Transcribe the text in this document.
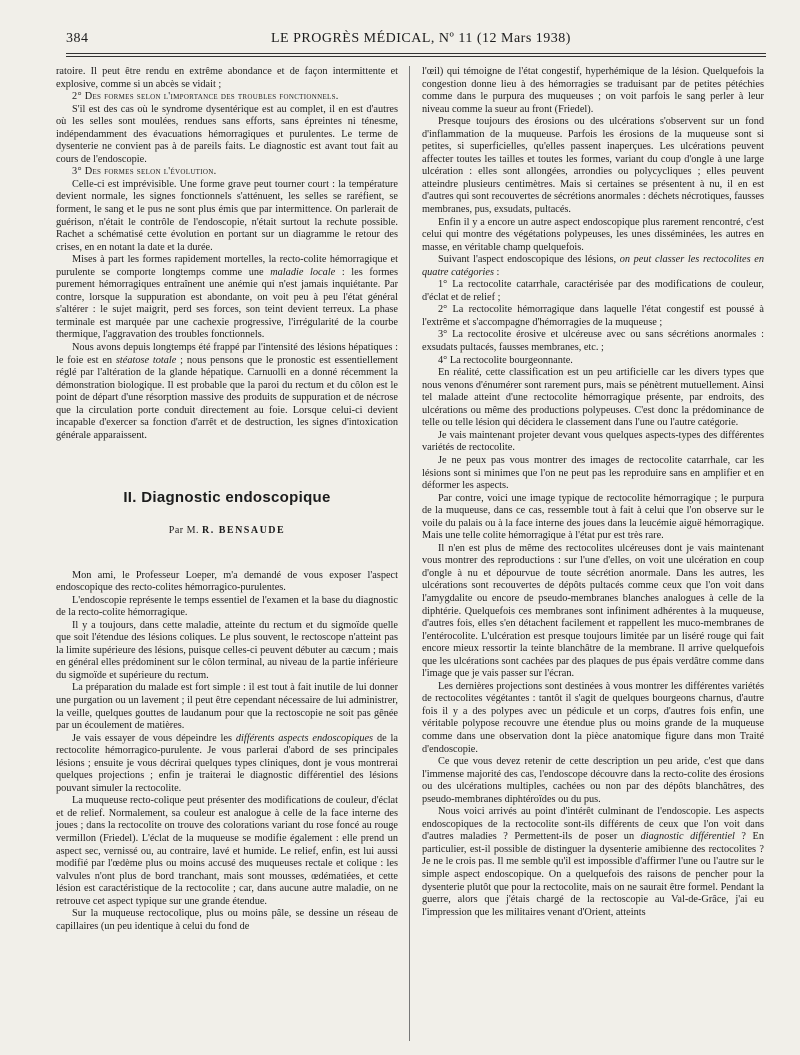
384	LE PROGRÈS MÉDICAL, Nº 11 (12 Mars 1938)

ratoire. Il peut être rendu en extrême abondance et de façon intermittente et explosive, comme si un abcès se vidait ;

2° Des formes selon l'importance des troubles fonctionnels.

S'il est des cas où le syndrome dysentérique est au complet, il en est d'autres où les selles sont moulées, rendues sans efforts, sans épreintes ni ténesme, indépendamment des évacuations hémorragiques et purulentes. Le terme de dysenterie ne convient pas à de pareils faits. Le diagnostic est avant tout fait au cours de l'endoscopie.

3° Des formes selon l'évolution.

Celle-ci est imprévisible. Une forme grave peut tourner court : la température devient normale, les signes fonctionnels s'atténuent, les selles se raréfient, se forment, le sang et le pus ne sont plus émis que par intermittence. On parlerait de guérison, n'était le contrôle de l'endoscopie, n'était surtout la rechute possible. Rachet a schématisé cette évolution en portant sur un diagramme le retour des crises, en en notant la date et la durée.

Mises à part les formes rapidement mortelles, la recto-colite hémorragique et purulente se comporte longtemps comme une maladie locale : les formes purement hémorragiques entraînent une anémie qui n'est jamais inquiétante. Par contre, lorsque la suppuration est abondante, on voit peu à peu l'état général s'altérer : le sujet maigrit, perd ses forces, son teint devient terreux. La phase terminale est marquée par une cachexie progressive, l'irrégularité de la courbe thermique, l'aggravation des troubles fonctionnels.

Nous avons depuis longtemps été frappé par l'intensité des lésions hépatiques : le foie est en stéatose totale ; nous pensons que le pronostic est essentiellement réglé par l'altération de la glande hépatique. Carnuolli en a donné récemment la démonstration biologique. Il est probable que la paroi du rectum et du côlon est le point de départ d'une résorption massive des produits de suppuration et de nécrose que la circulation porte conduit directement au foie. Lorsque celui-ci devient incapable d'exercer sa fonction d'arrêt et de destruction, les signes d'intoxication générale apparaissent.

II. Diagnostic endoscopique
Par M. R. BENSAUDE

Mon ami, le Professeur Loeper, m'a demandé de vous exposer l'aspect endoscopique des recto-colites hémorragico-purulentes.

L'endoscopie représente le temps essentiel de l'examen et la base du diagnostic de la recto-colite hémorragique.

Il y a toujours, dans cette maladie, atteinte du rectum et du sigmoïde quelle que soit l'étendue des lésions coliques. Le plus souvent, le rectoscope n'atteint pas la limite supérieure des lésions, puisque celles-ci peuvent débuter au cæcum ; mais en général elles prédominent sur le côlon terminal, au niveau de la partie inférieure du sigmoïde et supérieure du rectum.

La préparation du malade est fort simple : il est tout à fait inutile de lui donner une purgation ou un lavement ; il peut être cependant nécessaire de lui administrer, la veille, quelques gouttes de laudanum pour que la rectoscopie ne soit pas gênée par un écoulement de matières.

Je vais essayer de vous dépeindre les différents aspects endoscopiques de la rectocolite hémorragico-purulente. Je vous parlerai d'abord de ses principales lésions ; ensuite je vous décrirai quelques types cliniques, dont je vous montrerai quelques projections ; enfin je traiterai le diagnostic différentiel des lésions pouvant simuler la rectocolite.

La muqueuse recto-colique peut présenter des modifications de couleur, d'éclat et de relief. Normalement, sa couleur est analogue à celle de la face interne des joues ; dans la rectocolite on trouve des colorations variant du rose foncé au rouge vermillon (Friedel). L'éclat de la muqueuse se modifie également : elle prend un aspect sec, vernissé ou, au contraire, lavé et humide. Le relief, enfin, est lui aussi modifié par l'œdème plus ou moins accusé des muqueuses rectale et colique : les valvules n'ont plus de bord tranchant, mais sont mousses, œdématiées, et cette lésion est caractéristique de la rectocolite ; car, dans aucune autre maladie, on ne retrouve cet aspect typique sur une grande étendue.

Sur la muqueuse rectocolique, plus ou moins pâle, se dessine un réseau de capillaires (un peu identique à celui du fond de

l'œil) qui témoigne de l'état congestif, hyperhémique de la lésion. Quelquefois la congestion donne lieu à des hémorragies se traduisant par de petites pétéchies comme dans le purpura des muqueuses ; on voit parfois le sang perler à leur niveau comme la sueur au front (Friedel).

Presque toujours des érosions ou des ulcérations s'observent sur un fond d'inflammation de la muqueuse. Parfois les érosions de la muqueuse sont si petites, si superficielles, qu'elles passent inaperçues. Les ulcérations peuvent affecter toutes les tailles et toutes les formes, variant du coup d'ongle à une large ulcération : elles sont allongées, arrondies ou polycycliques ; elles peuvent atteindre plusieurs centimètres. Mais si certaines se présentent à nu, il en est d'autres qui sont recouvertes de sécrétions anormales : déchets nécrotiques, fausses membranes, pus, exsudats, pultacés.

Enfin il y a encore un autre aspect endoscopique plus rarement rencontré, c'est celui qui montre des végétations polypeuses, les unes disséminées, les autres en masse, en véritable champ quelquefois.

Suivant l'aspect endoscopique des lésions, on peut classer les rectocolites en quatre catégories :

1° La rectocolite catarrhale, caractérisée par des modifications de couleur, d'éclat et de relief ;

2° La rectocolite hémorragique dans laquelle l'état congestif est poussé à l'extrême et s'accompagne d'hémorragies de la muqueuse ;

3° La rectocolite érosive et ulcéreuse avec ou sans sécrétions anormales : exsudats pultacés, fausses membranes, etc. ;

4° La rectocolite bourgeonnante.

En réalité, cette classification est un peu artificielle car les divers types que nous venons d'énumérer sont rarement purs, mais se pénètrent mutuellement. Ainsi tel malade atteint d'une rectocolite hémorragique présente, par endroits, des ulcérations ou même des productions polypeuses. C'est donc la prédominance de telle ou telle lésion qui décidera le classement dans l'une ou l'autre catégorie.

Je vais maintenant projeter devant vous quelques aspects-types des différentes variétés de rectocolite.

Je ne peux pas vous montrer des images de rectocolite catarrhale, car les lésions sont si minimes que l'on ne peut pas les reproduire sans en amplifier et en déformer les aspects.

Par contre, voici une image typique de rectocolite hémorragique ; le purpura de la muqueuse, dans ce cas, ressemble tout à fait à celui que l'on observe sur le voile du palais ou à la face interne des joues dans la leucémie aiguë hémorragique. Mais une telle colite hémorragique à l'état pur est très rare.

Il n'en est plus de même des rectocolites ulcéreuses dont je vais maintenant vous montrer des reproductions : sur l'une d'elles, on voit une ulcération en coup d'ongle à nu et dépourvue de toute sécrétion anormale. Dans les autres, les ulcérations sont recouvertes de dépôts pultacés comme ceux que l'on voit dans l'amygdalite ou encore de pseudo-membranes blanches analogues à celle de la diphtérie. Quelquefois ces membranes sont infiniment adhérentes à la muqueuse, d'autres fois, elles s'en détachent facilement et rappellent les muco-membranes de l'entérocolite. L'ulcération est presque toujours limitée par un liséré rouge qui fait encore mieux ressortir la teinte blanchâtre de la membrane. Il arrive quelquefois que les ulcérations sont cachées par des plaques de pus épais verdâtre comme dans l'image que je vais passer sur l'écran.

Les dernières projections sont destinées à vous montrer les différentes variétés de rectocolites végétantes : tantôt il s'agit de quelques bourgeons charnus, d'autre fois il y a des polypes avec un pédicule et un corps, d'autres fois enfin, une véritable polypose recouvre une étendue plus ou moins grande de la muqueuse comme dans une observation dont la pièce anatomique figure dans mon Traité d'endoscopie.

Ce que vous devez retenir de cette description un peu aride, c'est que dans l'immense majorité des cas, l'endoscope découvre dans la recto-colite des érosions ou des ulcérations multiples, cachées ou non par des dépôts blanchâtres, des pseudo-membranes diphtéroïdes ou du pus.

Nous voici arrivés au point d'intérêt culminant de l'endoscopie. Les aspects endoscopiques de la rectocolite sont-ils différents de ceux que l'on voit dans d'autres maladies ? Permettent-ils de poser un diagnostic différentiel ? En particulier, est-il possible de distinguer la dysenterie amibienne des rectocolites ? Je ne le crois pas. Il me semble qu'il est impossible d'affirmer l'une ou l'autre sur le simple aspect endoscopique. On a quelquefois des raisons de pencher pour la dysenterie plutôt que pour la rectocolite, mais on ne saurait être formel. Pendant la guerre, alors que j'étais chargé de la rectoscopie au Val-de-Grâce, j'ai eu l'impression que les militaires venant d'Orient, atteints
